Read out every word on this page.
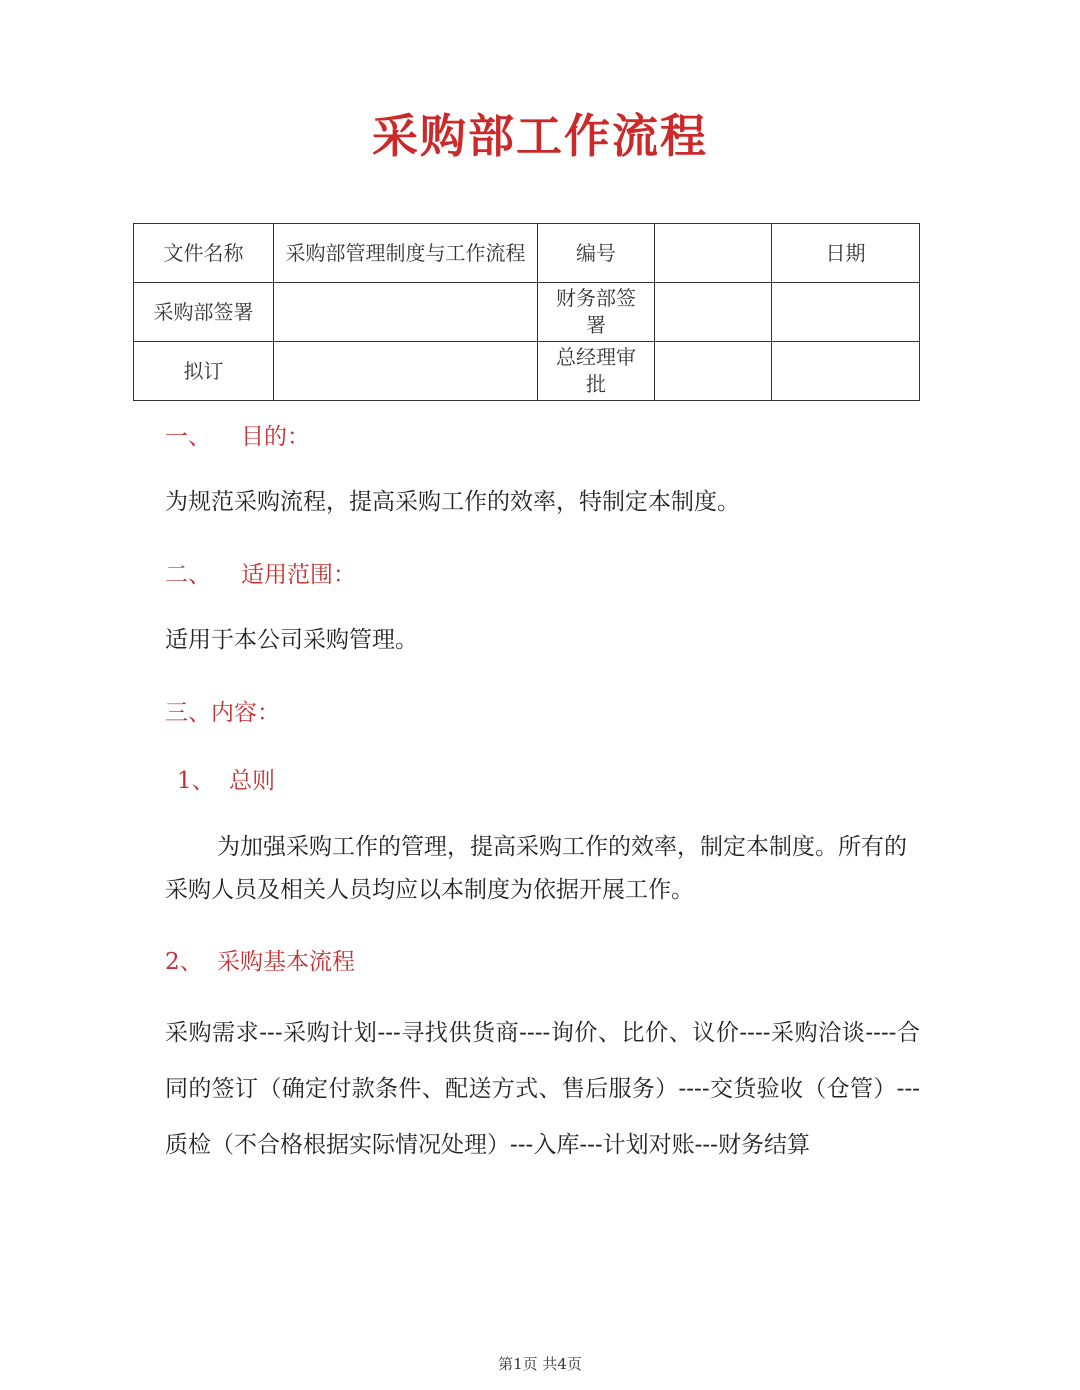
采购部工作流程
文件名称	采购部管理制度与工作流程	编号		日期
采购部签署		财务部签署		
拟订		总经理审批		
一、 目的：

为规范采购流程，提高采购工作的效率，特制定本制度。

二、 适用范围：

适用于本公司采购管理。

三、内容：
1、 总则

为加强采购工作的管理，提高采购工作的效率，制定本制度。所有的采购人员及相关人员均应以本制度为依据开展工作。

2、 采购基本流程

采购需求---采购计划---寻找供货商----询价、比价、议价----采购洽谈----合同的签订（确定付款条件、配送方式、售后服务）----交货验收（仓管）---质检（不合格根据实际情况处理）---入库---计划对账---财务结算

第1页 共4页
